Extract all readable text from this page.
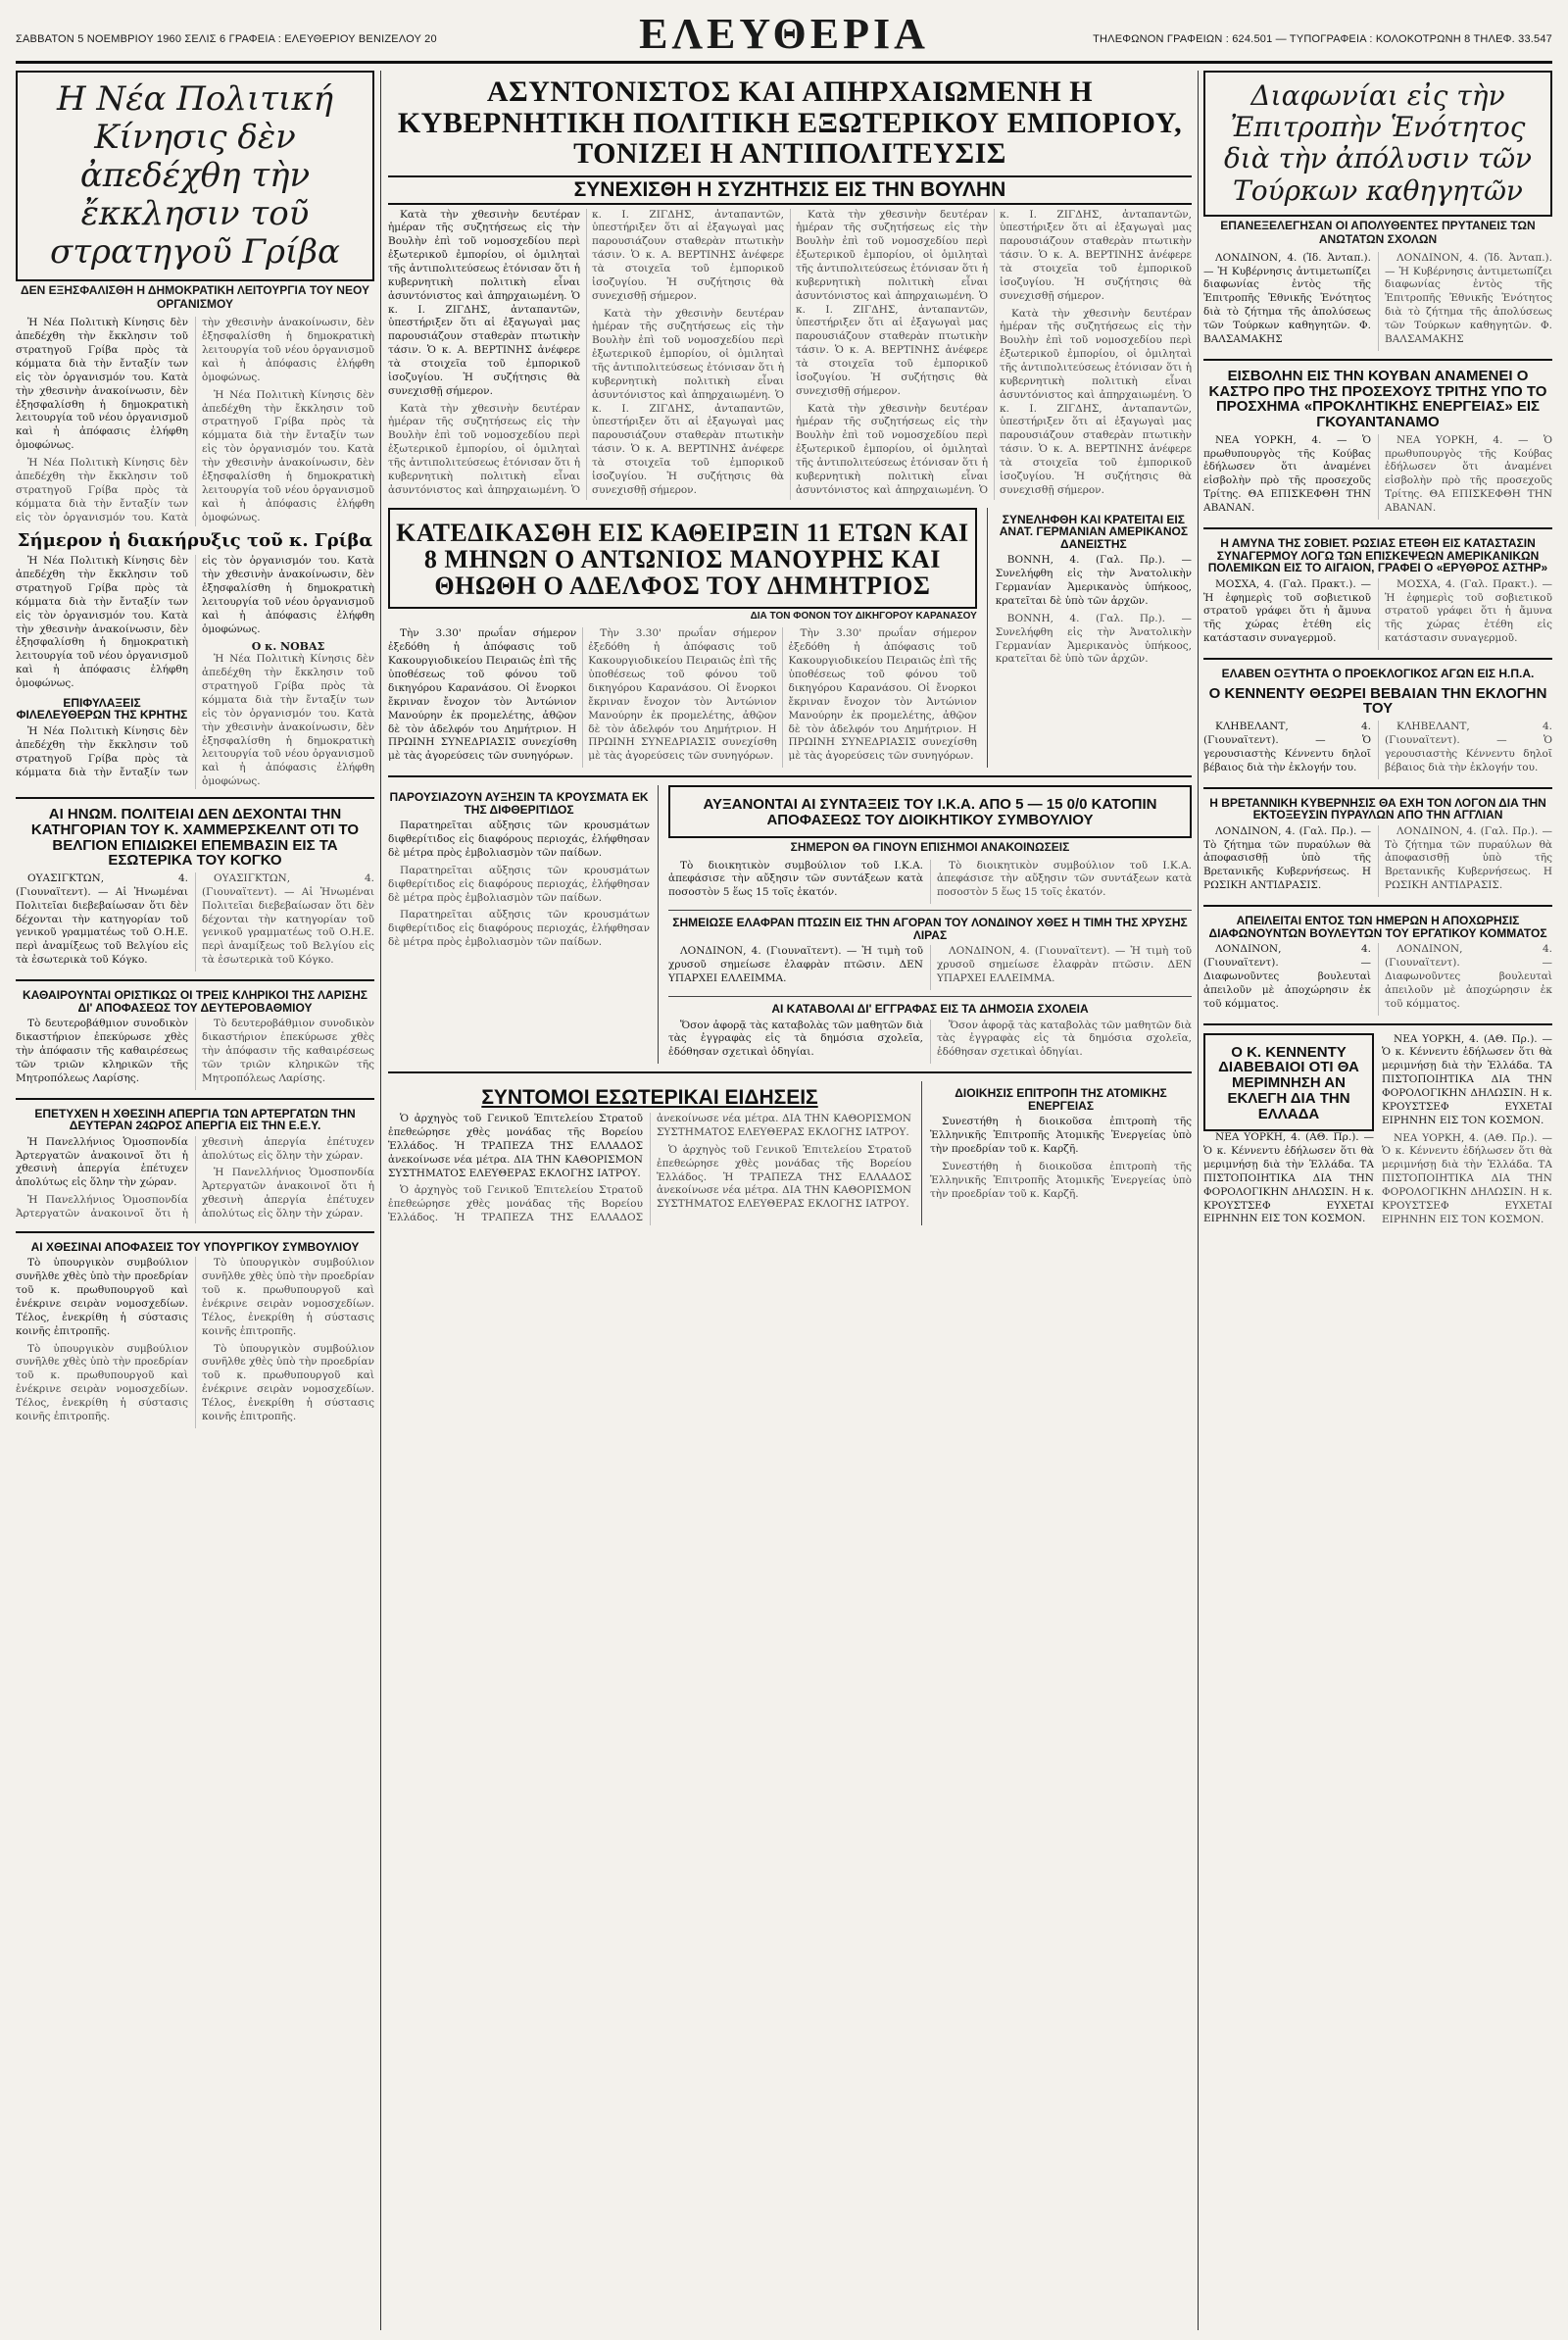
ΣΑΒΒΑΤΟΝ 5 ΝΟΕΜΒΡΙΟΥ 1960 ΣΕΛΙΣ 6 ΓΡΑΦΕΙΑ : ΕΛΕΥΘΕΡΙΟΥ ΒΕΝΙΖΕΛΟΥ 20	ΕΛΕΥΘΕΡΙΑ	ΤΗΛΕΦΩΝΟΝ ΓΡΑΦΕΙΩΝ : 624.501 — ΤΥΠΟΓΡΑΦΕΙΑ : ΚΟΛΟΚΟΤΡΩΝΗ 8 ΤΗΛΕΦ. 33.547
Η Νέα Πολιτική Κίνησις δὲν ἀπεδέχθη τὴν ἔκκλησιν τοῦ στρατηγοῦ Γρίβα
ΔΕΝ ΕΞΗΣΦΑΛΙΣΘΗ Η ΔΗΜΟΚΡΑΤΙΚΗ ΛΕΙΤΟΥΡΓΙΑ ΤΟΥ ΝΕΟΥ ΟΡΓΑΝΙΣΜΟΥ

Ἡ Νέα Πολιτικὴ Κίνησις δὲν ἀπεδέχθη τὴν ἔκκλησιν τοῦ στρατηγοῦ Γρίβα πρὸς τὰ κόμματα διὰ τὴν ἔνταξίν των εἰς τὸν ὀργανισμόν του. Κατὰ τὴν χθεσινὴν ἀνακοίνωσιν, δὲν ἐξησφαλίσθη ἡ δημοκρατικὴ λειτουργία τοῦ νέου ὀργανισμοῦ καὶ ἡ ἀπόφασις ἐλήφθη ὁμοφώνως.

Ἡ Νέα Πολιτικὴ Κίνησις δὲν ἀπεδέχθη τὴν ἔκκλησιν τοῦ στρατηγοῦ Γρίβα πρὸς τὰ κόμματα διὰ τὴν ἔνταξίν των εἰς τὸν ὀργανισμόν του. Κατὰ τὴν χθεσινὴν ἀνακοίνωσιν, δὲν ἐξησφαλίσθη ἡ δημοκρατικὴ λειτουργία τοῦ νέου ὀργανισμοῦ καὶ ἡ ἀπόφασις ἐλήφθη ὁμοφώνως.

Ἡ Νέα Πολιτικὴ Κίνησις δὲν ἀπεδέχθη τὴν ἔκκλησιν τοῦ στρατηγοῦ Γρίβα πρὸς τὰ κόμματα διὰ τὴν ἔνταξίν των εἰς τὸν ὀργανισμόν του. Κατὰ τὴν χθεσινὴν ἀνακοίνωσιν, δὲν ἐξησφαλίσθη ἡ δημοκρατικὴ λειτουργία τοῦ νέου ὀργανισμοῦ καὶ ἡ ἀπόφασις ἐλήφθη ὁμοφώνως.

Σήμερον ἡ διακήρυξις τοῦ κ. Γρίβα

Ἡ Νέα Πολιτικὴ Κίνησις δὲν ἀπεδέχθη τὴν ἔκκλησιν τοῦ στρατηγοῦ Γρίβα πρὸς τὰ κόμματα διὰ τὴν ἔνταξίν των εἰς τὸν ὀργανισμόν του. Κατὰ τὴν χθεσινὴν ἀνακοίνωσιν, δὲν ἐξησφαλίσθη ἡ δημοκρατικὴ λειτουργία τοῦ νέου ὀργανισμοῦ καὶ ἡ ἀπόφασις ἐλήφθη ὁμοφώνως.

ΕΠΙΦΥΛΑΞΕΙΣ ΦΙΛΕΛΕΥΘΕΡΩΝ ΤΗΣ ΚΡΗΤΗΣ

Ἡ Νέα Πολιτικὴ Κίνησις δὲν ἀπεδέχθη τὴν ἔκκλησιν τοῦ στρατηγοῦ Γρίβα πρὸς τὰ κόμματα διὰ τὴν ἔνταξίν των εἰς τὸν ὀργανισμόν του. Κατὰ τὴν χθεσινὴν ἀνακοίνωσιν, δὲν ἐξησφαλίσθη ἡ δημοκρατικὴ λειτουργία τοῦ νέου ὀργανισμοῦ καὶ ἡ ἀπόφασις ἐλήφθη ὁμοφώνως.

Ο κ. ΝΟΒΑΣ

Ἡ Νέα Πολιτικὴ Κίνησις δὲν ἀπεδέχθη τὴν ἔκκλησιν τοῦ στρατηγοῦ Γρίβα πρὸς τὰ κόμματα διὰ τὴν ἔνταξίν των εἰς τὸν ὀργανισμόν του. Κατὰ τὴν χθεσινὴν ἀνακοίνωσιν, δὲν ἐξησφαλίσθη ἡ δημοκρατικὴ λειτουργία τοῦ νέου ὀργανισμοῦ καὶ ἡ ἀπόφασις ἐλήφθη ὁμοφώνως.

ΑΙ ΗΝΩΜ. ΠΟΛΙΤΕΙΑΙ ΔΕΝ ΔΕΧΟΝΤΑΙ ΤΗΝ ΚΑΤΗΓΟΡΙΑΝ ΤΟΥ Κ. ΧΑΜΜΕΡΣΚΕΛΝΤ ΟΤΙ ΤΟ ΒΕΛΓΙΟΝ ΕΠΙΔΙΩΚΕΙ ΕΠΕΜΒΑΣΙΝ ΕΙΣ ΤΑ ΕΣΩΤΕΡΙΚΑ ΤΟΥ ΚΟΓΚΟ

ΟΥΑΣΙΓΚΤΩΝ, 4. (Γιουναϊτεντ). — Αἱ Ἡνωμέναι Πολιτεῖαι διεβεβαίωσαν ὅτι δὲν δέχονται τὴν κατηγορίαν τοῦ γενικοῦ γραμματέως τοῦ Ο.Η.Ε. περὶ ἀναμίξεως τοῦ Βελγίου εἰς τὰ ἐσωτερικὰ τοῦ Κόγκο.

ΟΥΑΣΙΓΚΤΩΝ, 4. (Γιουναϊτεντ). — Αἱ Ἡνωμέναι Πολιτεῖαι διεβεβαίωσαν ὅτι δὲν δέχονται τὴν κατηγορίαν τοῦ γενικοῦ γραμματέως τοῦ Ο.Η.Ε. περὶ ἀναμίξεως τοῦ Βελγίου εἰς τὰ ἐσωτερικὰ τοῦ Κόγκο.

ΚΑΘΑΙΡΟΥΝΤΑΙ ΟΡΙΣΤΙΚΩΣ ΟΙ ΤΡΕΙΣ ΚΛΗΡΙΚΟΙ ΤΗΣ ΛΑΡΙΣΗΣ ΔΙ' ΑΠΟΦΑΣΕΩΣ ΤΟΥ ΔΕΥΤΕΡΟΒΑΘΜΙΟΥ

Τὸ δευτεροβάθμιον συνοδικὸν δικαστήριον ἐπεκύρωσε χθὲς τὴν ἀπόφασιν τῆς καθαιρέσεως τῶν τριῶν κληρικῶν τῆς Μητροπόλεως Λαρίσης.

Τὸ δευτεροβάθμιον συνοδικὸν δικαστήριον ἐπεκύρωσε χθὲς τὴν ἀπόφασιν τῆς καθαιρέσεως τῶν τριῶν κληρικῶν τῆς Μητροπόλεως Λαρίσης.

ΕΠΕΤΥΧΕΝ Η ΧΘΕΣΙΝΗ ΑΠΕΡΓΙΑ ΤΩΝ ΑΡΤΕΡΓΑΤΩΝ ΤΗΝ ΔΕΥΤΕΡΑΝ 24ΩΡΟΣ ΑΠΕΡΓΙΑ ΕΙΣ ΤΗΝ Ε.Ε.Υ.

Ἡ Πανελλήνιος Ὁμοσπονδία Ἀρτεργατῶν ἀνακοινοῖ ὅτι ἡ χθεσινὴ ἀπεργία ἐπέτυχεν ἀπολύτως εἰς ὅλην τὴν χώραν.

Ἡ Πανελλήνιος Ὁμοσπονδία Ἀρτεργατῶν ἀνακοινοῖ ὅτι ἡ χθεσινὴ ἀπεργία ἐπέτυχεν ἀπολύτως εἰς ὅλην τὴν χώραν.

Ἡ Πανελλήνιος Ὁμοσπονδία Ἀρτεργατῶν ἀνακοινοῖ ὅτι ἡ χθεσινὴ ἀπεργία ἐπέτυχεν ἀπολύτως εἰς ὅλην τὴν χώραν.

ΑΙ ΧΘΕΣΙΝΑΙ ΑΠΟΦΑΣΕΙΣ ΤΟΥ ΥΠΟΥΡΓΙΚΟΥ ΣΥΜΒΟΥΛΙΟΥ

Τὸ ὑπουργικὸν συμβούλιον συνῆλθε χθὲς ὑπὸ τὴν προεδρίαν τοῦ κ. πρωθυπουργοῦ καὶ ἐνέκρινε σειρὰν νομοσχεδίων. Τέλος, ἐνεκρίθη ἡ σύστασις κοινῆς ἐπιτροπῆς.

Τὸ ὑπουργικὸν συμβούλιον συνῆλθε χθὲς ὑπὸ τὴν προεδρίαν τοῦ κ. πρωθυπουργοῦ καὶ ἐνέκρινε σειρὰν νομοσχεδίων. Τέλος, ἐνεκρίθη ἡ σύστασις κοινῆς ἐπιτροπῆς.

Τὸ ὑπουργικὸν συμβούλιον συνῆλθε χθὲς ὑπὸ τὴν προεδρίαν τοῦ κ. πρωθυπουργοῦ καὶ ἐνέκρινε σειρὰν νομοσχεδίων. Τέλος, ἐνεκρίθη ἡ σύστασις κοινῆς ἐπιτροπῆς.

Τὸ ὑπουργικὸν συμβούλιον συνῆλθε χθὲς ὑπὸ τὴν προεδρίαν τοῦ κ. πρωθυπουργοῦ καὶ ἐνέκρινε σειρὰν νομοσχεδίων. Τέλος, ἐνεκρίθη ἡ σύστασις κοινῆς ἐπιτροπῆς.

ΑΣΥΝΤΟΝΙΣΤΟΣ ΚΑΙ ΑΠΗΡΧΑΙΩΜΕΝΗ Η ΚΥΒΕΡΝΗΤΙΚΗ ΠΟΛΙΤΙΚΗ ΕΞΩΤΕΡΙΚΟΥ ΕΜΠΟΡΙΟΥ, ΤΟΝΙΖΕΙ Η ΑΝΤΙΠΟΛΙΤΕΥΣΙΣ
ΣΥΝΕΧΙΣΘΗ Η ΣΥΖΗΤΗΣΙΣ ΕΙΣ ΤΗΝ ΒΟΥΛΗΝ

Κατὰ τὴν χθεσινὴν δευτέραν ἡμέραν τῆς συζητήσεως εἰς τὴν Βουλὴν ἐπὶ τοῦ νομοσχεδίου περὶ ἐξωτερικοῦ ἐμπορίου, οἱ ὁμιληταὶ τῆς ἀντιπολιτεύσεως ἐτόνισαν ὅτι ἡ κυβερνητικὴ πολιτικὴ εἶναι ἀσυντόνιστος καὶ ἀπηρχαιωμένη. Ὁ κ. Ι. ΖΙΓΔΗΣ, ἀνταπαντῶν, ὑπεστήριξεν ὅτι αἱ ἐξαγωγαὶ μας παρουσιάζουν σταθερὰν πτωτικὴν τάσιν. Ὁ κ. Α. ΒΕΡΤΙΝΗΣ ἀνέφερε τὰ στοιχεῖα τοῦ ἐμπορικοῦ ἰσοζυγίου. Ἡ συζήτησις θὰ συνεχισθῇ σήμερον.

Κατὰ τὴν χθεσινὴν δευτέραν ἡμέραν τῆς συζητήσεως εἰς τὴν Βουλὴν ἐπὶ τοῦ νομοσχεδίου περὶ ἐξωτερικοῦ ἐμπορίου, οἱ ὁμιληταὶ τῆς ἀντιπολιτεύσεως ἐτόνισαν ὅτι ἡ κυβερνητικὴ πολιτικὴ εἶναι ἀσυντόνιστος καὶ ἀπηρχαιωμένη. Ὁ κ. Ι. ΖΙΓΔΗΣ, ἀνταπαντῶν, ὑπεστήριξεν ὅτι αἱ ἐξαγωγαὶ μας παρουσιάζουν σταθερὰν πτωτικὴν τάσιν. Ὁ κ. Α. ΒΕΡΤΙΝΗΣ ἀνέφερε τὰ στοιχεῖα τοῦ ἐμπορικοῦ ἰσοζυγίου. Ἡ συζήτησις θὰ συνεχισθῇ σήμερον.

Κατὰ τὴν χθεσινὴν δευτέραν ἡμέραν τῆς συζητήσεως εἰς τὴν Βουλὴν ἐπὶ τοῦ νομοσχεδίου περὶ ἐξωτερικοῦ ἐμπορίου, οἱ ὁμιληταὶ τῆς ἀντιπολιτεύσεως ἐτόνισαν ὅτι ἡ κυβερνητικὴ πολιτικὴ εἶναι ἀσυντόνιστος καὶ ἀπηρχαιωμένη. Ὁ κ. Ι. ΖΙΓΔΗΣ, ἀνταπαντῶν, ὑπεστήριξεν ὅτι αἱ ἐξαγωγαὶ μας παρουσιάζουν σταθερὰν πτωτικὴν τάσιν. Ὁ κ. Α. ΒΕΡΤΙΝΗΣ ἀνέφερε τὰ στοιχεῖα τοῦ ἐμπορικοῦ ἰσοζυγίου. Ἡ συζήτησις θὰ συνεχισθῇ σήμερον.

Κατὰ τὴν χθεσινὴν δευτέραν ἡμέραν τῆς συζητήσεως εἰς τὴν Βουλὴν ἐπὶ τοῦ νομοσχεδίου περὶ ἐξωτερικοῦ ἐμπορίου, οἱ ὁμιληταὶ τῆς ἀντιπολιτεύσεως ἐτόνισαν ὅτι ἡ κυβερνητικὴ πολιτικὴ εἶναι ἀσυντόνιστος καὶ ἀπηρχαιωμένη. Ὁ κ. Ι. ΖΙΓΔΗΣ, ἀνταπαντῶν, ὑπεστήριξεν ὅτι αἱ ἐξαγωγαὶ μας παρουσιάζουν σταθερὰν πτωτικὴν τάσιν. Ὁ κ. Α. ΒΕΡΤΙΝΗΣ ἀνέφερε τὰ στοιχεῖα τοῦ ἐμπορικοῦ ἰσοζυγίου. Ἡ συζήτησις θὰ συνεχισθῇ σήμερον.

Κατὰ τὴν χθεσινὴν δευτέραν ἡμέραν τῆς συζητήσεως εἰς τὴν Βουλὴν ἐπὶ τοῦ νομοσχεδίου περὶ ἐξωτερικοῦ ἐμπορίου, οἱ ὁμιληταὶ τῆς ἀντιπολιτεύσεως ἐτόνισαν ὅτι ἡ κυβερνητικὴ πολιτικὴ εἶναι ἀσυντόνιστος καὶ ἀπηρχαιωμένη. Ὁ κ. Ι. ΖΙΓΔΗΣ, ἀνταπαντῶν, ὑπεστήριξεν ὅτι αἱ ἐξαγωγαὶ μας παρουσιάζουν σταθερὰν πτωτικὴν τάσιν. Ὁ κ. Α. ΒΕΡΤΙΝΗΣ ἀνέφερε τὰ στοιχεῖα τοῦ ἐμπορικοῦ ἰσοζυγίου. Ἡ συζήτησις θὰ συνεχισθῇ σήμερον.

Κατὰ τὴν χθεσινὴν δευτέραν ἡμέραν τῆς συζητήσεως εἰς τὴν Βουλὴν ἐπὶ τοῦ νομοσχεδίου περὶ ἐξωτερικοῦ ἐμπορίου, οἱ ὁμιληταὶ τῆς ἀντιπολιτεύσεως ἐτόνισαν ὅτι ἡ κυβερνητικὴ πολιτικὴ εἶναι ἀσυντόνιστος καὶ ἀπηρχαιωμένη. Ὁ κ. Ι. ΖΙΓΔΗΣ, ἀνταπαντῶν, ὑπεστήριξεν ὅτι αἱ ἐξαγωγαὶ μας παρουσιάζουν σταθερὰν πτωτικὴν τάσιν. Ὁ κ. Α. ΒΕΡΤΙΝΗΣ ἀνέφερε τὰ στοιχεῖα τοῦ ἐμπορικοῦ ἰσοζυγίου. Ἡ συζήτησις θὰ συνεχισθῇ σήμερον.

ΚΑΤΕΔΙΚΑΣΘΗ ΕΙΣ ΚΑΘΕΙΡΞΙΝ 11 ΕΤΩΝ ΚΑΙ 8 ΜΗΝΩΝ Ο ΑΝΤΩΝΙΟΣ ΜΑΝΟΥΡΗΣ ΚΑΙ ΘΗΩΘΗ Ο ΑΔΕΛΦΟΣ ΤΟΥ ΔΗΜΗΤΡΙΟΣ
ΔΙΑ ΤΟΝ ΦΟΝΟΝ ΤΟΥ ΔΙΚΗΓΟΡΟΥ ΚΑΡΑΝΑΣΟΥ

Τὴν 3.30' πρωΐαν σήμερον ἐξεδόθη ἡ ἀπόφασις τοῦ Κακουργιοδικείου Πειραιῶς ἐπὶ τῆς ὑποθέσεως τοῦ φόνου τοῦ δικηγόρου Καρανάσου. Οἱ ἔνορκοι ἔκριναν ἔνοχον τὸν Ἀντώνιον Μανούρην ἐκ προμελέτης, ἀθῷον δὲ τὸν ἀδελφόν του Δημήτριον. Η ΠΡΩΙΝΗ ΣΥΝΕΔΡΙΑΣΙΣ συνεχίσθη μὲ τὰς ἀγορεύσεις τῶν συνηγόρων.

Τὴν 3.30' πρωΐαν σήμερον ἐξεδόθη ἡ ἀπόφασις τοῦ Κακουργιοδικείου Πειραιῶς ἐπὶ τῆς ὑποθέσεως τοῦ φόνου τοῦ δικηγόρου Καρανάσου. Οἱ ἔνορκοι ἔκριναν ἔνοχον τὸν Ἀντώνιον Μανούρην ἐκ προμελέτης, ἀθῷον δὲ τὸν ἀδελφόν του Δημήτριον. Η ΠΡΩΙΝΗ ΣΥΝΕΔΡΙΑΣΙΣ συνεχίσθη μὲ τὰς ἀγορεύσεις τῶν συνηγόρων.

Τὴν 3.30' πρωΐαν σήμερον ἐξεδόθη ἡ ἀπόφασις τοῦ Κακουργιοδικείου Πειραιῶς ἐπὶ τῆς ὑποθέσεως τοῦ φόνου τοῦ δικηγόρου Καρανάσου. Οἱ ἔνορκοι ἔκριναν ἔνοχον τὸν Ἀντώνιον Μανούρην ἐκ προμελέτης, ἀθῷον δὲ τὸν ἀδελφόν του Δημήτριον. Η ΠΡΩΙΝΗ ΣΥΝΕΔΡΙΑΣΙΣ συνεχίσθη μὲ τὰς ἀγορεύσεις τῶν συνηγόρων.

ΣΥΝΕΛΗΦΘΗ ΚΑΙ ΚΡΑΤΕΙΤΑΙ ΕΙΣ ΑΝΑΤ. ΓΕΡΜΑΝΙΑΝ ΑΜΕΡΙΚΑΝΟΣ ΔΑΝΕΙΣΤΗΣ

ΒΟΝΝΗ, 4. (Γαλ. Πρ.). — Συνελήφθη εἰς τὴν Ἀνατολικὴν Γερμανίαν Ἀμερικανὸς ὑπήκοος, κρατεῖται δὲ ὑπὸ τῶν ἀρχῶν.

ΒΟΝΝΗ, 4. (Γαλ. Πρ.). — Συνελήφθη εἰς τὴν Ἀνατολικὴν Γερμανίαν Ἀμερικανὸς ὑπήκοος, κρατεῖται δὲ ὑπὸ τῶν ἀρχῶν.

ΠΑΡΟΥΣΙΑΖΟΥΝ ΑΥΞΗΣΙΝ ΤΑ ΚΡΟΥΣΜΑΤΑ ΕΚ ΤΗΣ ΔΙΦΘΕΡΙΤΙΔΟΣ

Παρατηρεῖται αὔξησις τῶν κρουσμάτων διφθερίτιδος εἰς διαφόρους περιοχάς, ἐλήφθησαν δὲ μέτρα πρὸς ἐμβολιασμὸν τῶν παίδων.

Παρατηρεῖται αὔξησις τῶν κρουσμάτων διφθερίτιδος εἰς διαφόρους περιοχάς, ἐλήφθησαν δὲ μέτρα πρὸς ἐμβολιασμὸν τῶν παίδων.

Παρατηρεῖται αὔξησις τῶν κρουσμάτων διφθερίτιδος εἰς διαφόρους περιοχάς, ἐλήφθησαν δὲ μέτρα πρὸς ἐμβολιασμὸν τῶν παίδων.

ΑΥΞΑΝΟΝΤΑΙ ΑΙ ΣΥΝΤΑΞΕΙΣ ΤΟΥ Ι.Κ.Α. ΑΠΟ 5 — 15 0/0 ΚΑΤΟΠΙΝ ΑΠΟΦΑΣΕΩΣ ΤΟΥ ΔΙΟΙΚΗΤΙΚΟΥ ΣΥΜΒΟΥΛΙΟΥ
ΣΗΜΕΡΟΝ ΘΑ ΓΙΝΟΥΝ ΕΠΙΣΗΜΟΙ ΑΝΑΚΟΙΝΩΣΕΙΣ

Τὸ διοικητικὸν συμβούλιον τοῦ Ι.Κ.Α. ἀπεφάσισε τὴν αὔξησιν τῶν συντάξεων κατὰ ποσοστὸν 5 ἕως 15 τοῖς ἑκατόν.

Τὸ διοικητικὸν συμβούλιον τοῦ Ι.Κ.Α. ἀπεφάσισε τὴν αὔξησιν τῶν συντάξεων κατὰ ποσοστὸν 5 ἕως 15 τοῖς ἑκατόν.

ΣΗΜΕΙΩΣΕ ΕΛΑΦΡΑΝ ΠΤΩΣΙΝ ΕΙΣ ΤΗΝ ΑΓΟΡΑΝ ΤΟΥ ΛΟΝΔΙΝΟΥ ΧΘΕΣ Η ΤΙΜΗ ΤΗΣ ΧΡΥΣΗΣ ΛΙΡΑΣ

ΛΟΝΔΙΝΟΝ, 4. (Γιουναϊτεντ). — Ἡ τιμὴ τοῦ χρυσοῦ σημείωσε ἐλαφρὰν πτῶσιν. ΔΕΝ ΥΠΑΡΧΕΙ ΕΛΛΕΙΜΜΑ.

ΛΟΝΔΙΝΟΝ, 4. (Γιουναϊτεντ). — Ἡ τιμὴ τοῦ χρυσοῦ σημείωσε ἐλαφρὰν πτῶσιν. ΔΕΝ ΥΠΑΡΧΕΙ ΕΛΛΕΙΜΜΑ.

ΑΙ ΚΑΤΑΒΟΛΑΙ ΔΙ' ΕΓΓΡΑΦΑΣ ΕΙΣ ΤΑ ΔΗΜΟΣΙΑ ΣΧΟΛΕΙΑ

Ὅσον ἀφορᾷ τὰς καταβολὰς τῶν μαθητῶν διὰ τὰς ἐγγραφὰς εἰς τὰ δημόσια σχολεῖα, ἐδόθησαν σχετικαὶ ὁδηγίαι.

Ὅσον ἀφορᾷ τὰς καταβολὰς τῶν μαθητῶν διὰ τὰς ἐγγραφὰς εἰς τὰ δημόσια σχολεῖα, ἐδόθησαν σχετικαὶ ὁδηγίαι.

ΣΥΝΤΟΜΟΙ ΕΣΩΤΕΡΙΚΑΙ ΕΙΔΗΣΕΙΣ

Ὁ ἀρχηγὸς τοῦ Γενικοῦ Ἐπιτελείου Στρατοῦ ἐπεθεώρησε χθὲς μονάδας τῆς Βορείου Ἑλλάδος. Ἡ ΤΡΑΠΕΖΑ ΤΗΣ ΕΛΛΑΔΟΣ ἀνεκοίνωσε νέα μέτρα. ΔΙΑ ΤΗΝ ΚΑΘΟΡΙΣΜΟΝ ΣΥΣΤΗΜΑΤΟΣ ΕΛΕΥΘΕΡΑΣ ΕΚΛΟΓΗΣ ΙΑΤΡΟΥ.

Ὁ ἀρχηγὸς τοῦ Γενικοῦ Ἐπιτελείου Στρατοῦ ἐπεθεώρησε χθὲς μονάδας τῆς Βορείου Ἑλλάδος. Ἡ ΤΡΑΠΕΖΑ ΤΗΣ ΕΛΛΑΔΟΣ ἀνεκοίνωσε νέα μέτρα. ΔΙΑ ΤΗΝ ΚΑΘΟΡΙΣΜΟΝ ΣΥΣΤΗΜΑΤΟΣ ΕΛΕΥΘΕΡΑΣ ΕΚΛΟΓΗΣ ΙΑΤΡΟΥ.

Ὁ ἀρχηγὸς τοῦ Γενικοῦ Ἐπιτελείου Στρατοῦ ἐπεθεώρησε χθὲς μονάδας τῆς Βορείου Ἑλλάδος. Ἡ ΤΡΑΠΕΖΑ ΤΗΣ ΕΛΛΑΔΟΣ ἀνεκοίνωσε νέα μέτρα. ΔΙΑ ΤΗΝ ΚΑΘΟΡΙΣΜΟΝ ΣΥΣΤΗΜΑΤΟΣ ΕΛΕΥΘΕΡΑΣ ΕΚΛΟΓΗΣ ΙΑΤΡΟΥ.

ΔΙΟΙΚΗΣΙΣ ΕΠΙΤΡΟΠΗ ΤΗΣ ΑΤΟΜΙΚΗΣ ΕΝΕΡΓΕΙΑΣ

Συνεστήθη ἡ διοικοῦσα ἐπιτροπὴ τῆς Ἑλληνικῆς Ἐπιτροπῆς Ἀτομικῆς Ἐνεργείας ὑπὸ τὴν προεδρίαν τοῦ κ. Καρζῆ.

Συνεστήθη ἡ διοικοῦσα ἐπιτροπὴ τῆς Ἑλληνικῆς Ἐπιτροπῆς Ἀτομικῆς Ἐνεργείας ὑπὸ τὴν προεδρίαν τοῦ κ. Καρζῆ.

Διαφωνίαι εἰς τὴν Ἐπιτροπὴν Ἑνότητος διὰ τὴν ἀπόλυσιν τῶν Τούρκων καθηγητῶν
ΕΠΑΝΕΞΕΛΕΓΗΣΑΝ ΟΙ ΑΠΟΛΥΘΕΝΤΕΣ ΠΡΥΤΑΝΕΙΣ ΤΩΝ ΑΝΩΤΑΤΩΝ ΣΧΟΛΩΝ

ΛΟΝΔΙΝΟΝ, 4. (Ἰδ. Ἀνταπ.). — Ἡ Κυβέρνησις ἀντιμετωπίζει διαφωνίας ἐντὸς τῆς Ἐπιτροπῆς Ἐθνικῆς Ἑνότητος διὰ τὸ ζήτημα τῆς ἀπολύσεως τῶν Τούρκων καθηγητῶν. Φ. ΒΑΛΣΑΜΑΚΗΣ

ΛΟΝΔΙΝΟΝ, 4. (Ἰδ. Ἀνταπ.). — Ἡ Κυβέρνησις ἀντιμετωπίζει διαφωνίας ἐντὸς τῆς Ἐπιτροπῆς Ἐθνικῆς Ἑνότητος διὰ τὸ ζήτημα τῆς ἀπολύσεως τῶν Τούρκων καθηγητῶν. Φ. ΒΑΛΣΑΜΑΚΗΣ

ΕΙΣΒΟΛΗΝ ΕΙΣ ΤΗΝ ΚΟΥΒΑΝ ΑΝΑΜΕΝΕΙ Ο ΚΑΣΤΡΟ ΠΡΟ ΤΗΣ ΠΡΟΣΕΧΟΥΣ ΤΡΙΤΗΣ ΥΠΟ ΤΟ ΠΡΟΣΧΗΜΑ «ΠΡΟΚΛΗΤΙΚΗΣ ΕΝΕΡΓΕΙΑΣ» ΕΙΣ ΓΚΟΥΑΝΤΑΝΑΜΟ

ΝΕΑ ΥΟΡΚΗ, 4. — Ὁ πρωθυπουργὸς τῆς Κούβας ἐδήλωσεν ὅτι ἀναμένει εἰσβολὴν πρὸ τῆς προσεχοῦς Τρίτης. ΘΑ ΕΠΙΣΚΕΦΘΗ ΤΗΝ ΑΒΑΝΑΝ.

ΝΕΑ ΥΟΡΚΗ, 4. — Ὁ πρωθυπουργὸς τῆς Κούβας ἐδήλωσεν ὅτι ἀναμένει εἰσβολὴν πρὸ τῆς προσεχοῦς Τρίτης. ΘΑ ΕΠΙΣΚΕΦΘΗ ΤΗΝ ΑΒΑΝΑΝ.

Η ΑΜΥΝΑ ΤΗΣ ΣΟΒΙΕΤ. ΡΩΣΙΑΣ ΕΤΕΘΗ ΕΙΣ ΚΑΤΑΣΤΑΣΙΝ ΣΥΝΑΓΕΡΜΟΥ ΛΟΓΩ ΤΩΝ ΕΠΙΣΚΕΨΕΩΝ ΑΜΕΡΙΚΑΝΙΚΩΝ ΠΟΛΕΜΙΚΩΝ ΕΙΣ ΤΟ ΑΙΓΑΙΟΝ, ΓΡΑΦΕΙ Ο «ΕΡΥΘΡΟΣ ΑΣΤΗΡ»

ΜΟΣΧΑ, 4. (Γαλ. Πρακτ.). — Ἡ ἐφημερὶς τοῦ σοβιετικοῦ στρατοῦ γράφει ὅτι ἡ ἄμυνα τῆς χώρας ἐτέθη εἰς κατάστασιν συναγερμοῦ.

ΜΟΣΧΑ, 4. (Γαλ. Πρακτ.). — Ἡ ἐφημερὶς τοῦ σοβιετικοῦ στρατοῦ γράφει ὅτι ἡ ἄμυνα τῆς χώρας ἐτέθη εἰς κατάστασιν συναγερμοῦ.

ΕΛΑΒΕΝ ΟΞΥΤΗΤΑ Ο ΠΡΟΕΚΛΟΓΙΚΟΣ ΑΓΩΝ ΕΙΣ Η.Π.Α.
Ο ΚΕΝΝΕΝΤΥ ΘΕΩΡΕΙ ΒΕΒΑΙΑΝ ΤΗΝ ΕΚΛΟΓΗΝ ΤΟΥ

ΚΛΗΒΕΛΑΝΤ, 4. (Γιουναϊτεντ). — Ὁ γερουσιαστὴς Κέννεντυ δηλοῖ βέβαιος διὰ τὴν ἐκλογήν του.

ΚΛΗΒΕΛΑΝΤ, 4. (Γιουναϊτεντ). — Ὁ γερουσιαστὴς Κέννεντυ δηλοῖ βέβαιος διὰ τὴν ἐκλογήν του.

Η ΒΡΕΤΑΝΝΙΚΗ ΚΥΒΕΡΝΗΣΙΣ ΘΑ ΕΧΗ ΤΟΝ ΛΟΓΟΝ ΔΙΑ ΤΗΝ ΕΚΤΟΞΕΥΣΙΝ ΠΥΡΑΥΛΩΝ ΑΠΟ ΤΗΝ ΑΓΓΛΙΑΝ

ΛΟΝΔΙΝΟΝ, 4. (Γαλ. Πρ.). — Τὸ ζήτημα τῶν πυραύλων θὰ ἀποφασισθῇ ὑπὸ τῆς Βρετανικῆς Κυβερνήσεως. Η ΡΩΣΙΚΗ ΑΝΤΙΔΡΑΣΙΣ.

ΛΟΝΔΙΝΟΝ, 4. (Γαλ. Πρ.). — Τὸ ζήτημα τῶν πυραύλων θὰ ἀποφασισθῇ ὑπὸ τῆς Βρετανικῆς Κυβερνήσεως. Η ΡΩΣΙΚΗ ΑΝΤΙΔΡΑΣΙΣ.

ΑΠΕΙΛΕΙΤΑΙ ΕΝΤΟΣ ΤΩΝ ΗΜΕΡΩΝ Η ΑΠΟΧΩΡΗΣΙΣ ΔΙΑΦΩΝΟΥΝΤΩΝ ΒΟΥΛΕΥΤΩΝ ΤΟΥ ΕΡΓΑΤΙΚΟΥ ΚΟΜΜΑΤΟΣ

ΛΟΝΔΙΝΟΝ, 4. (Γιουναϊτεντ). — Διαφωνοῦντες βουλευταὶ ἀπειλοῦν μὲ ἀποχώρησιν ἐκ τοῦ κόμματος.

ΛΟΝΔΙΝΟΝ, 4. (Γιουναϊτεντ). — Διαφωνοῦντες βουλευταὶ ἀπειλοῦν μὲ ἀποχώρησιν ἐκ τοῦ κόμματος.

Ο Κ. ΚΕΝΝΕΝΤΥ ΔΙΑΒΕΒΑΙΟΙ ΟΤΙ ΘΑ ΜΕΡΙΜΝΗΣΗ ΑΝ ΕΚΛΕΓΗ ΔΙΑ ΤΗΝ ΕΛΛΑΔΑ

ΝΕΑ ΥΟΡΚΗ, 4. (ΑΘ. Πρ.). — Ὁ κ. Κέννεντυ ἐδήλωσεν ὅτι θὰ μεριμνήσῃ διὰ τὴν Ἑλλάδα. ΤΑ ΠΙΣΤΟΠΟΙΗΤΙΚΑ ΔΙΑ ΤΗΝ ΦΟΡΟΛΟΓΙΚΗΝ ΔΗΛΩΣΙΝ. Η κ. ΚΡΟΥΣΤΣΕΦ ΕΥΧΕΤΑΙ ΕΙΡΗΝΗΝ ΕΙΣ ΤΟΝ ΚΟΣΜΟΝ.

ΝΕΑ ΥΟΡΚΗ, 4. (ΑΘ. Πρ.). — Ὁ κ. Κέννεντυ ἐδήλωσεν ὅτι θὰ μεριμνήσῃ διὰ τὴν Ἑλλάδα. ΤΑ ΠΙΣΤΟΠΟΙΗΤΙΚΑ ΔΙΑ ΤΗΝ ΦΟΡΟΛΟΓΙΚΗΝ ΔΗΛΩΣΙΝ. Η κ. ΚΡΟΥΣΤΣΕΦ ΕΥΧΕΤΑΙ ΕΙΡΗΝΗΝ ΕΙΣ ΤΟΝ ΚΟΣΜΟΝ.

ΝΕΑ ΥΟΡΚΗ, 4. (ΑΘ. Πρ.). — Ὁ κ. Κέννεντυ ἐδήλωσεν ὅτι θὰ μεριμνήσῃ διὰ τὴν Ἑλλάδα. ΤΑ ΠΙΣΤΟΠΟΙΗΤΙΚΑ ΔΙΑ ΤΗΝ ΦΟΡΟΛΟΓΙΚΗΝ ΔΗΛΩΣΙΝ. Η κ. ΚΡΟΥΣΤΣΕΦ ΕΥΧΕΤΑΙ ΕΙΡΗΝΗΝ ΕΙΣ ΤΟΝ ΚΟΣΜΟΝ.
